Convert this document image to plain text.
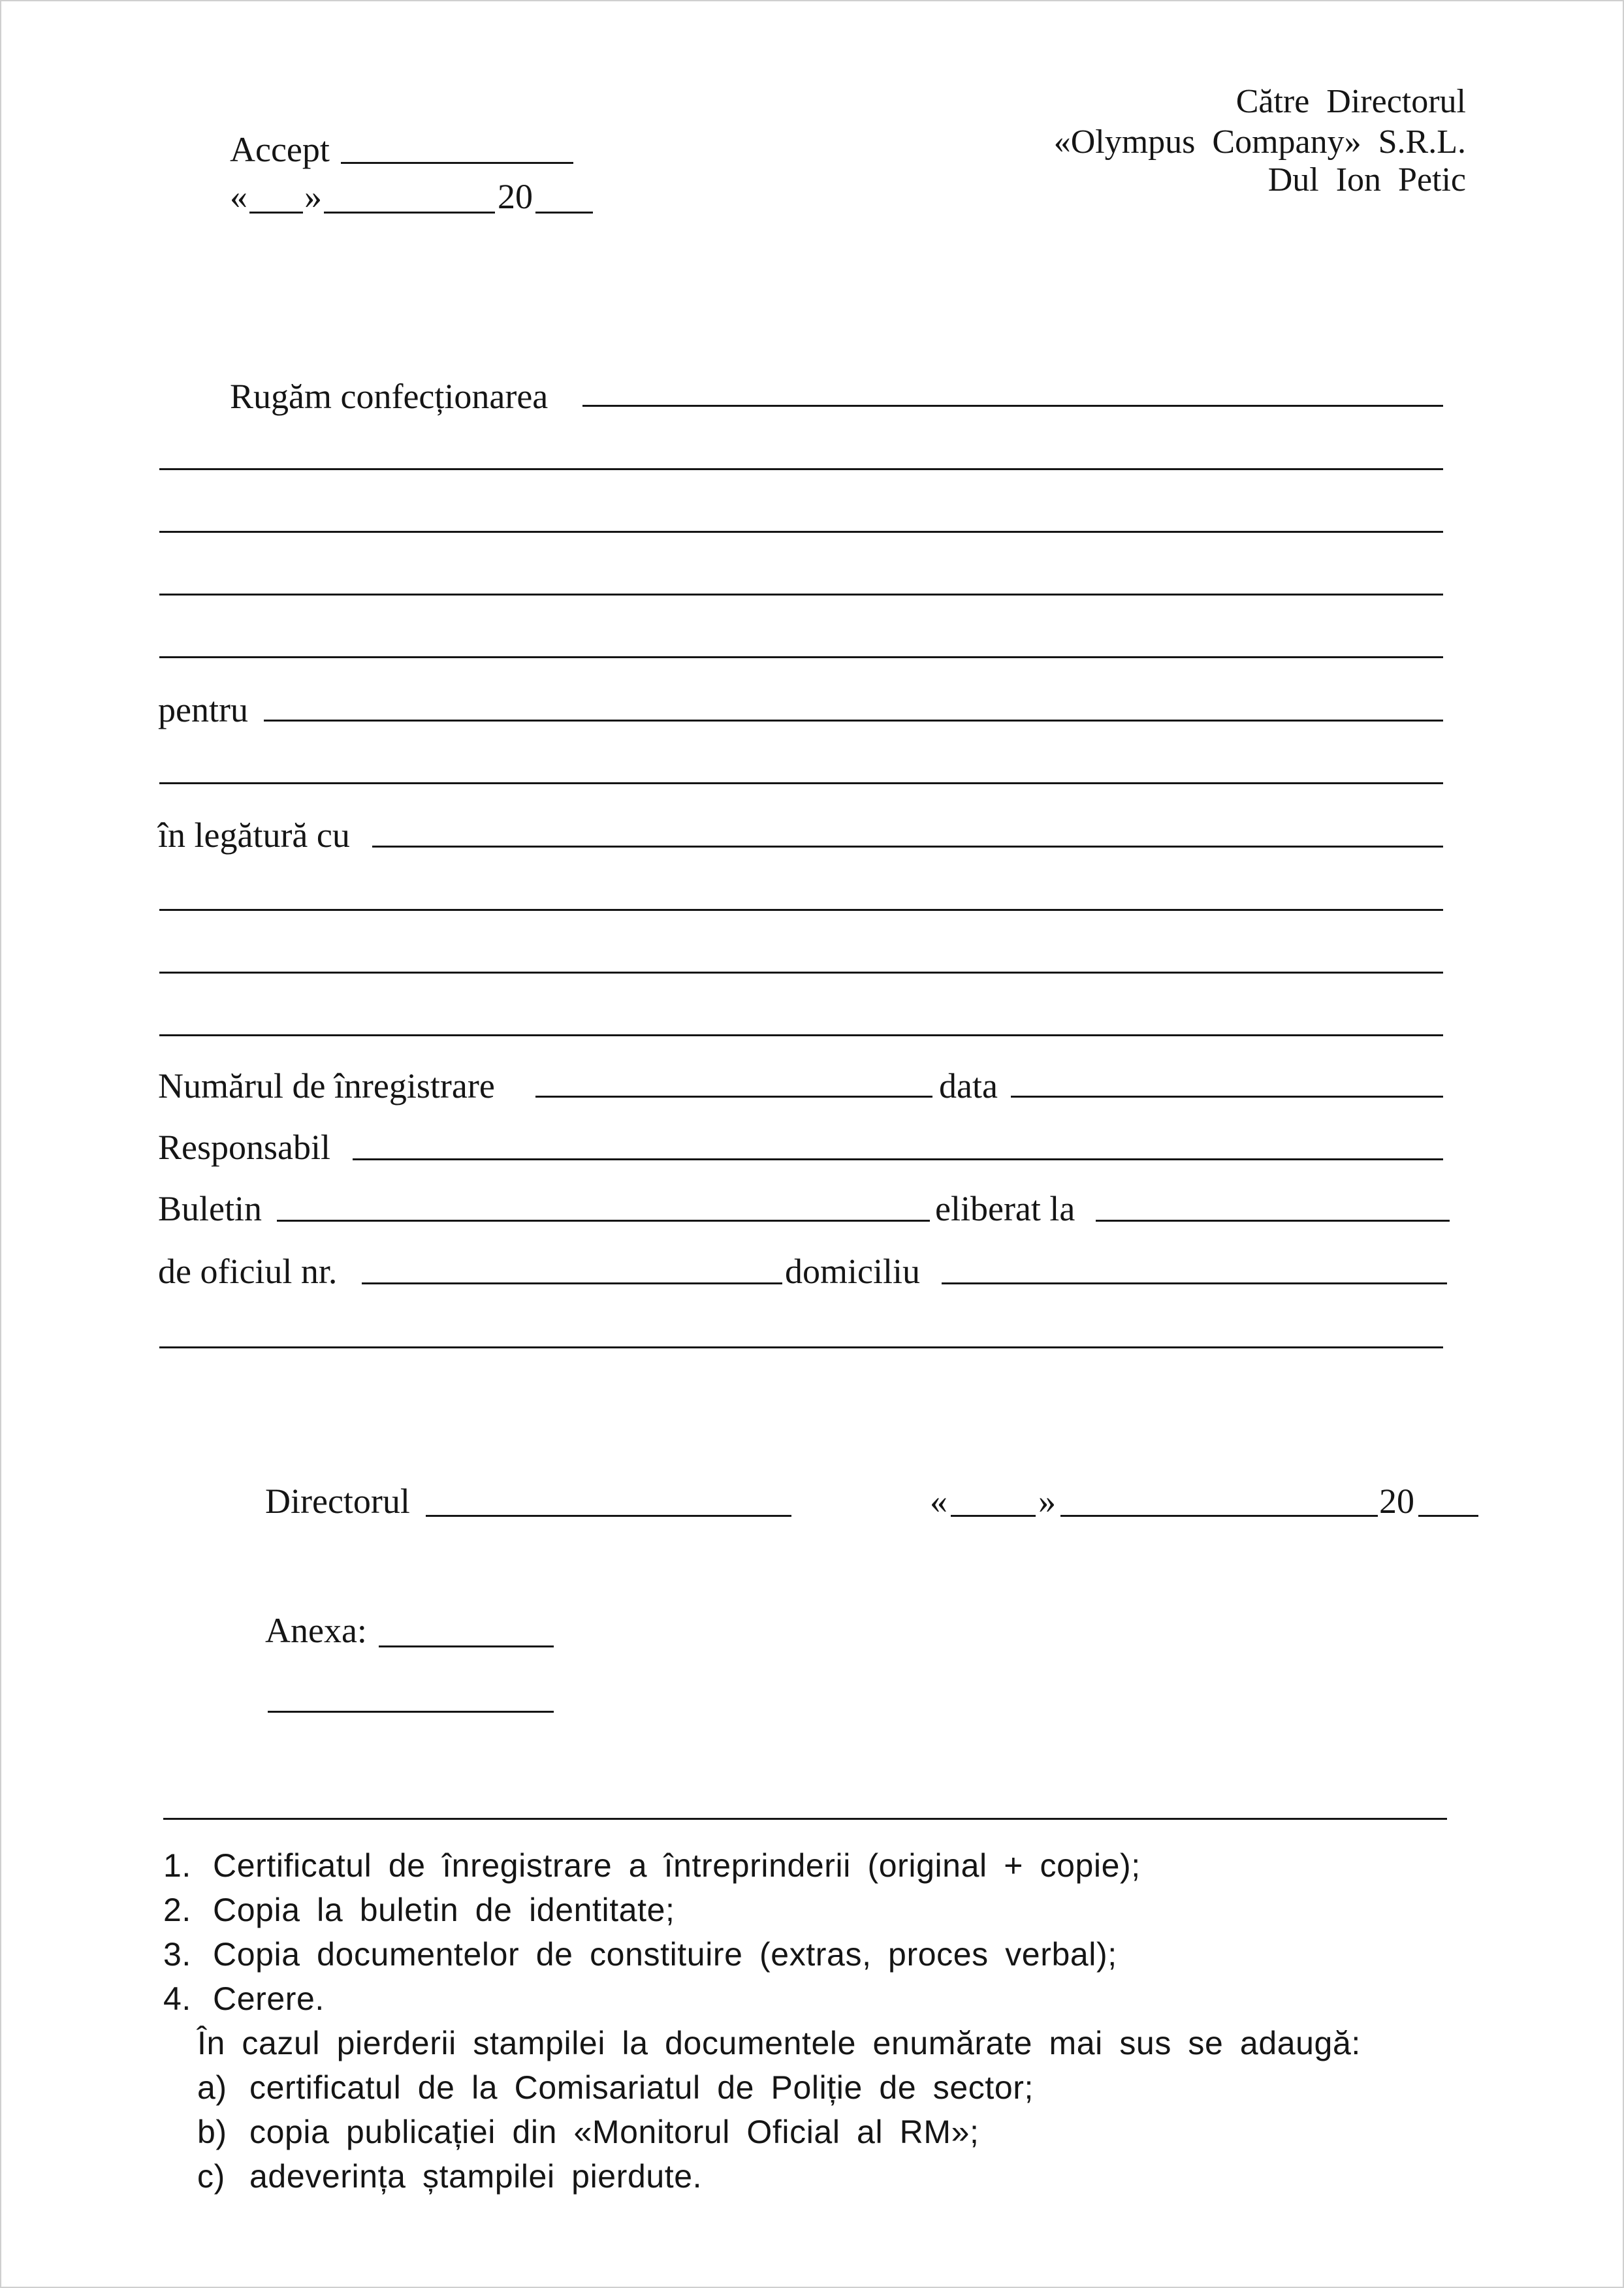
Către Directorul
«Olympus Company» S.R.L.
Dul Ion Petic
Accept
« »	20
Rugăm confecționarea
pentru
în legătură cu
Numărul de înregistrare	data
Responsabil
Buletin	eliberat la
de oficiul nr.	domiciliu
Directorul	«	»	20
Anexa:
1. Certificatul de înregistrare a întreprinderii (original + copie);
2. Copia la buletin de identitate;
3. Copia documentelor de constituire (extras, proces verbal);
4. Cerere.
În cazul pierderii stampilei la documentele enumărate mai sus se adaugă:
a) certificatul de la Comisariatul de Poliție de sector;
b) copia publicației din «Monitorul Oficial al RM»;
c) adeverința ștampilei pierdute.
